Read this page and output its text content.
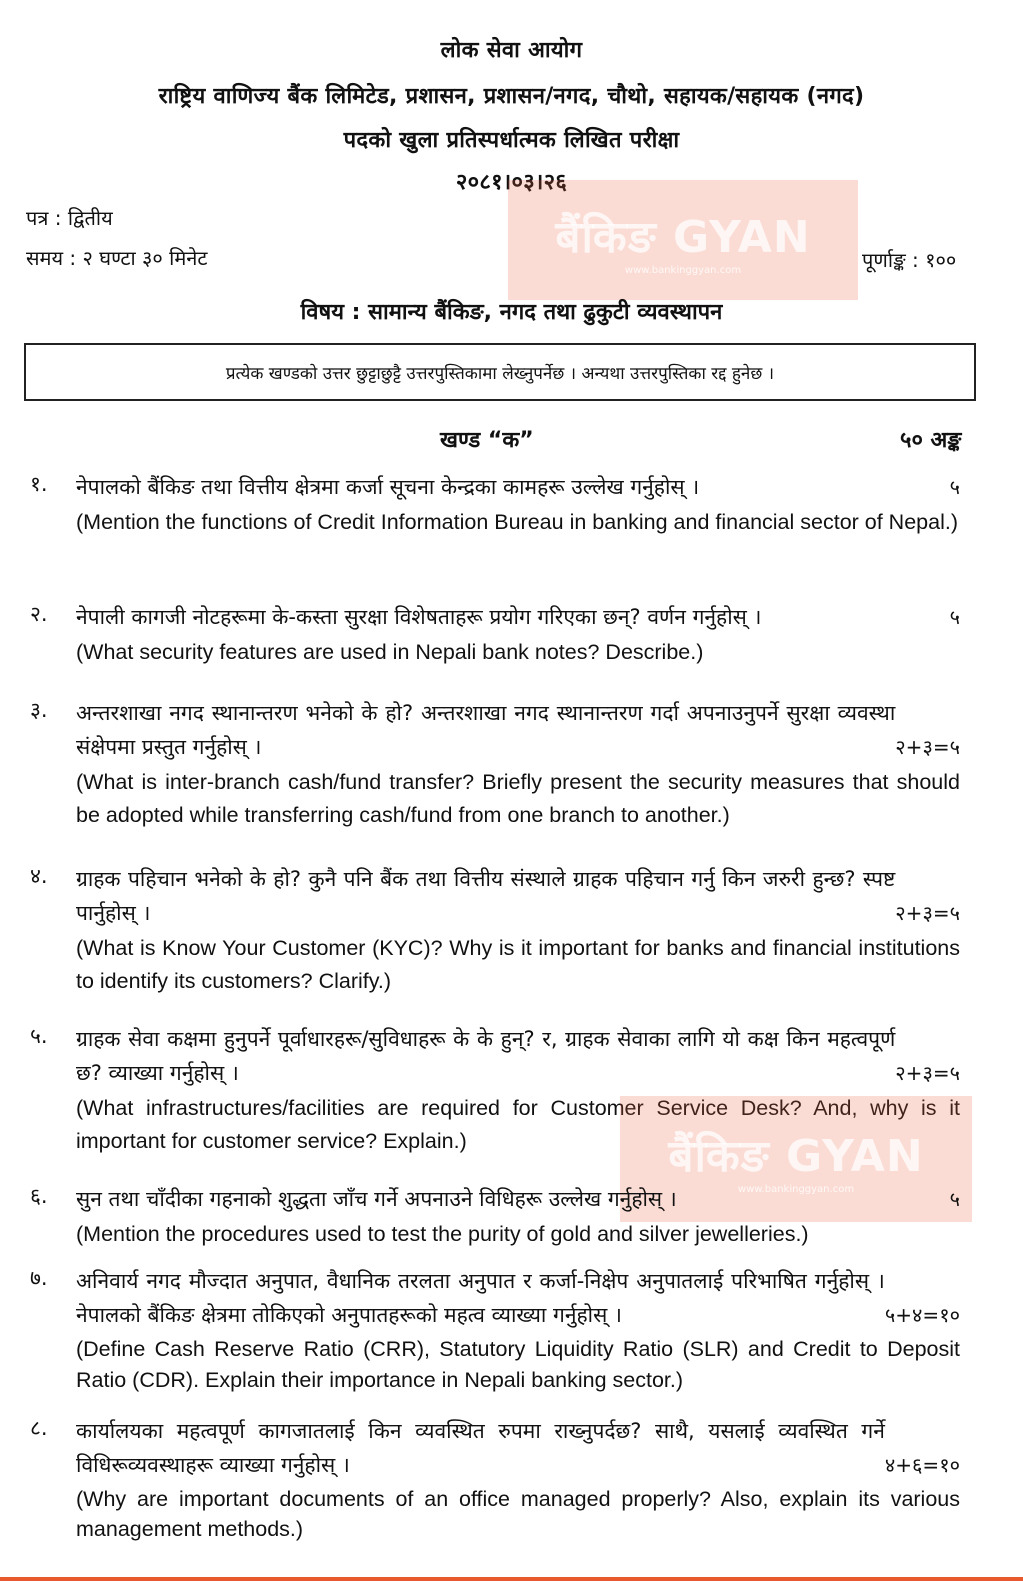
लोक सेवा आयोग
राष्ट्रिय वाणिज्य बैंक लिमिटेड, प्रशासन, प्रशासन/नगद, चौथो, सहायक/सहायक (नगद)
पदको खुला प्रतिस्पर्धात्मक लिखित परीक्षा
२०८१।०३।२६
पत्र : द्वितीय
समय : २ घण्टा ३० मिनेट	पूर्णाङ्क : १००
बैंकिङ GYAN
www.bankinggyan.com
विषय : सामान्य बैंकिङ, नगद तथा ढुकुटी व्यवस्थापन
प्रत्येक खण्डको उत्तर छुट्टाछुट्टै उत्तरपुस्तिकामा लेख्नुपर्नेछ । अन्यथा उत्तरपुस्तिका रद्द हुनेछ ।
खण्ड “क”	५० अङ्क
१.	५
नेपालको बैंकिङ तथा वित्तीय क्षेत्रमा कर्जा सूचना केन्द्रका कामहरू उल्लेख गर्नुहोस् ।
(Mention the functions of Credit Information Bureau in banking and financial sector of Nepal.)
२.	५
नेपाली कागजी नोटहरूमा के-कस्ता सुरक्षा विशेषताहरू प्रयोग गरिएका छन्? वर्णन गर्नुहोस् ।
(What security features are used in Nepali bank notes? Describe.)
३.
२+३=५
अन्तरशाखा नगद स्थानान्तरण भनेको के हो? अन्तरशाखा नगद स्थानान्तरण गर्दा अपनाउनुपर्ने सुरक्षा व्यवस्था संक्षेपमा प्रस्तुत गर्नुहोस् ।
(What is inter-branch cash/fund transfer? Briefly present the security measures that should be adopted while transferring cash/fund from one branch to another.)
४.
२+३=५
ग्राहक पहिचान भनेको के हो? कुनै पनि बैंक तथा वित्तीय संस्थाले ग्राहक पहिचान गर्नु किन जरुरी हुन्छ? स्पष्ट पार्नुहोस् ।
(What is Know Your Customer (KYC)? Why is it important for banks and financial institutions to identify its customers? Clarify.)
५.
२+३=५
ग्राहक सेवा कक्षमा हुनुपर्ने पूर्वाधारहरू/सुविधाहरू के के हुन्? र, ग्राहक सेवाका लागि यो कक्ष किन महत्वपूर्ण छ? व्याख्या गर्नुहोस् ।
(What infrastructures/facilities are required for Customer Service Desk? And, why is it important for customer service? Explain.)	बैंकिङ GYAN
www.bankinggyan.com
६.	५
सुन तथा चाँदीका गहनाको शुद्धता जाँच गर्ने अपनाउने विधिहरू उल्लेख गर्नुहोस् ।
(Mention the procedures used to test the purity of gold and silver jewelleries.)
७.
५+४=१०
अनिवार्य नगद मौज्दात अनुपात, वैधानिक तरलता अनुपात र कर्जा-निक्षेप अनुपातलाई परिभाषित गर्नुहोस् । नेपालको बैंकिङ क्षेत्रमा तोकिएको अनुपातहरूको महत्व व्याख्या गर्नुहोस् ।
(Define Cash Reserve Ratio (CRR), Statutory Liquidity Ratio (SLR) and Credit to Deposit Ratio (CDR). Explain their importance in Nepali banking sector.)
८.
४+६=१०
कार्यालयका महत्वपूर्ण कागजातलाई किन व्यवस्थित रुपमा राख्नुपर्दछ? साथै, यसलाई व्यवस्थित गर्ने विधिरूव्यवस्थाहरू व्याख्या गर्नुहोस् ।
(Why are important documents of an office managed properly? Also, explain its various management methods.)
